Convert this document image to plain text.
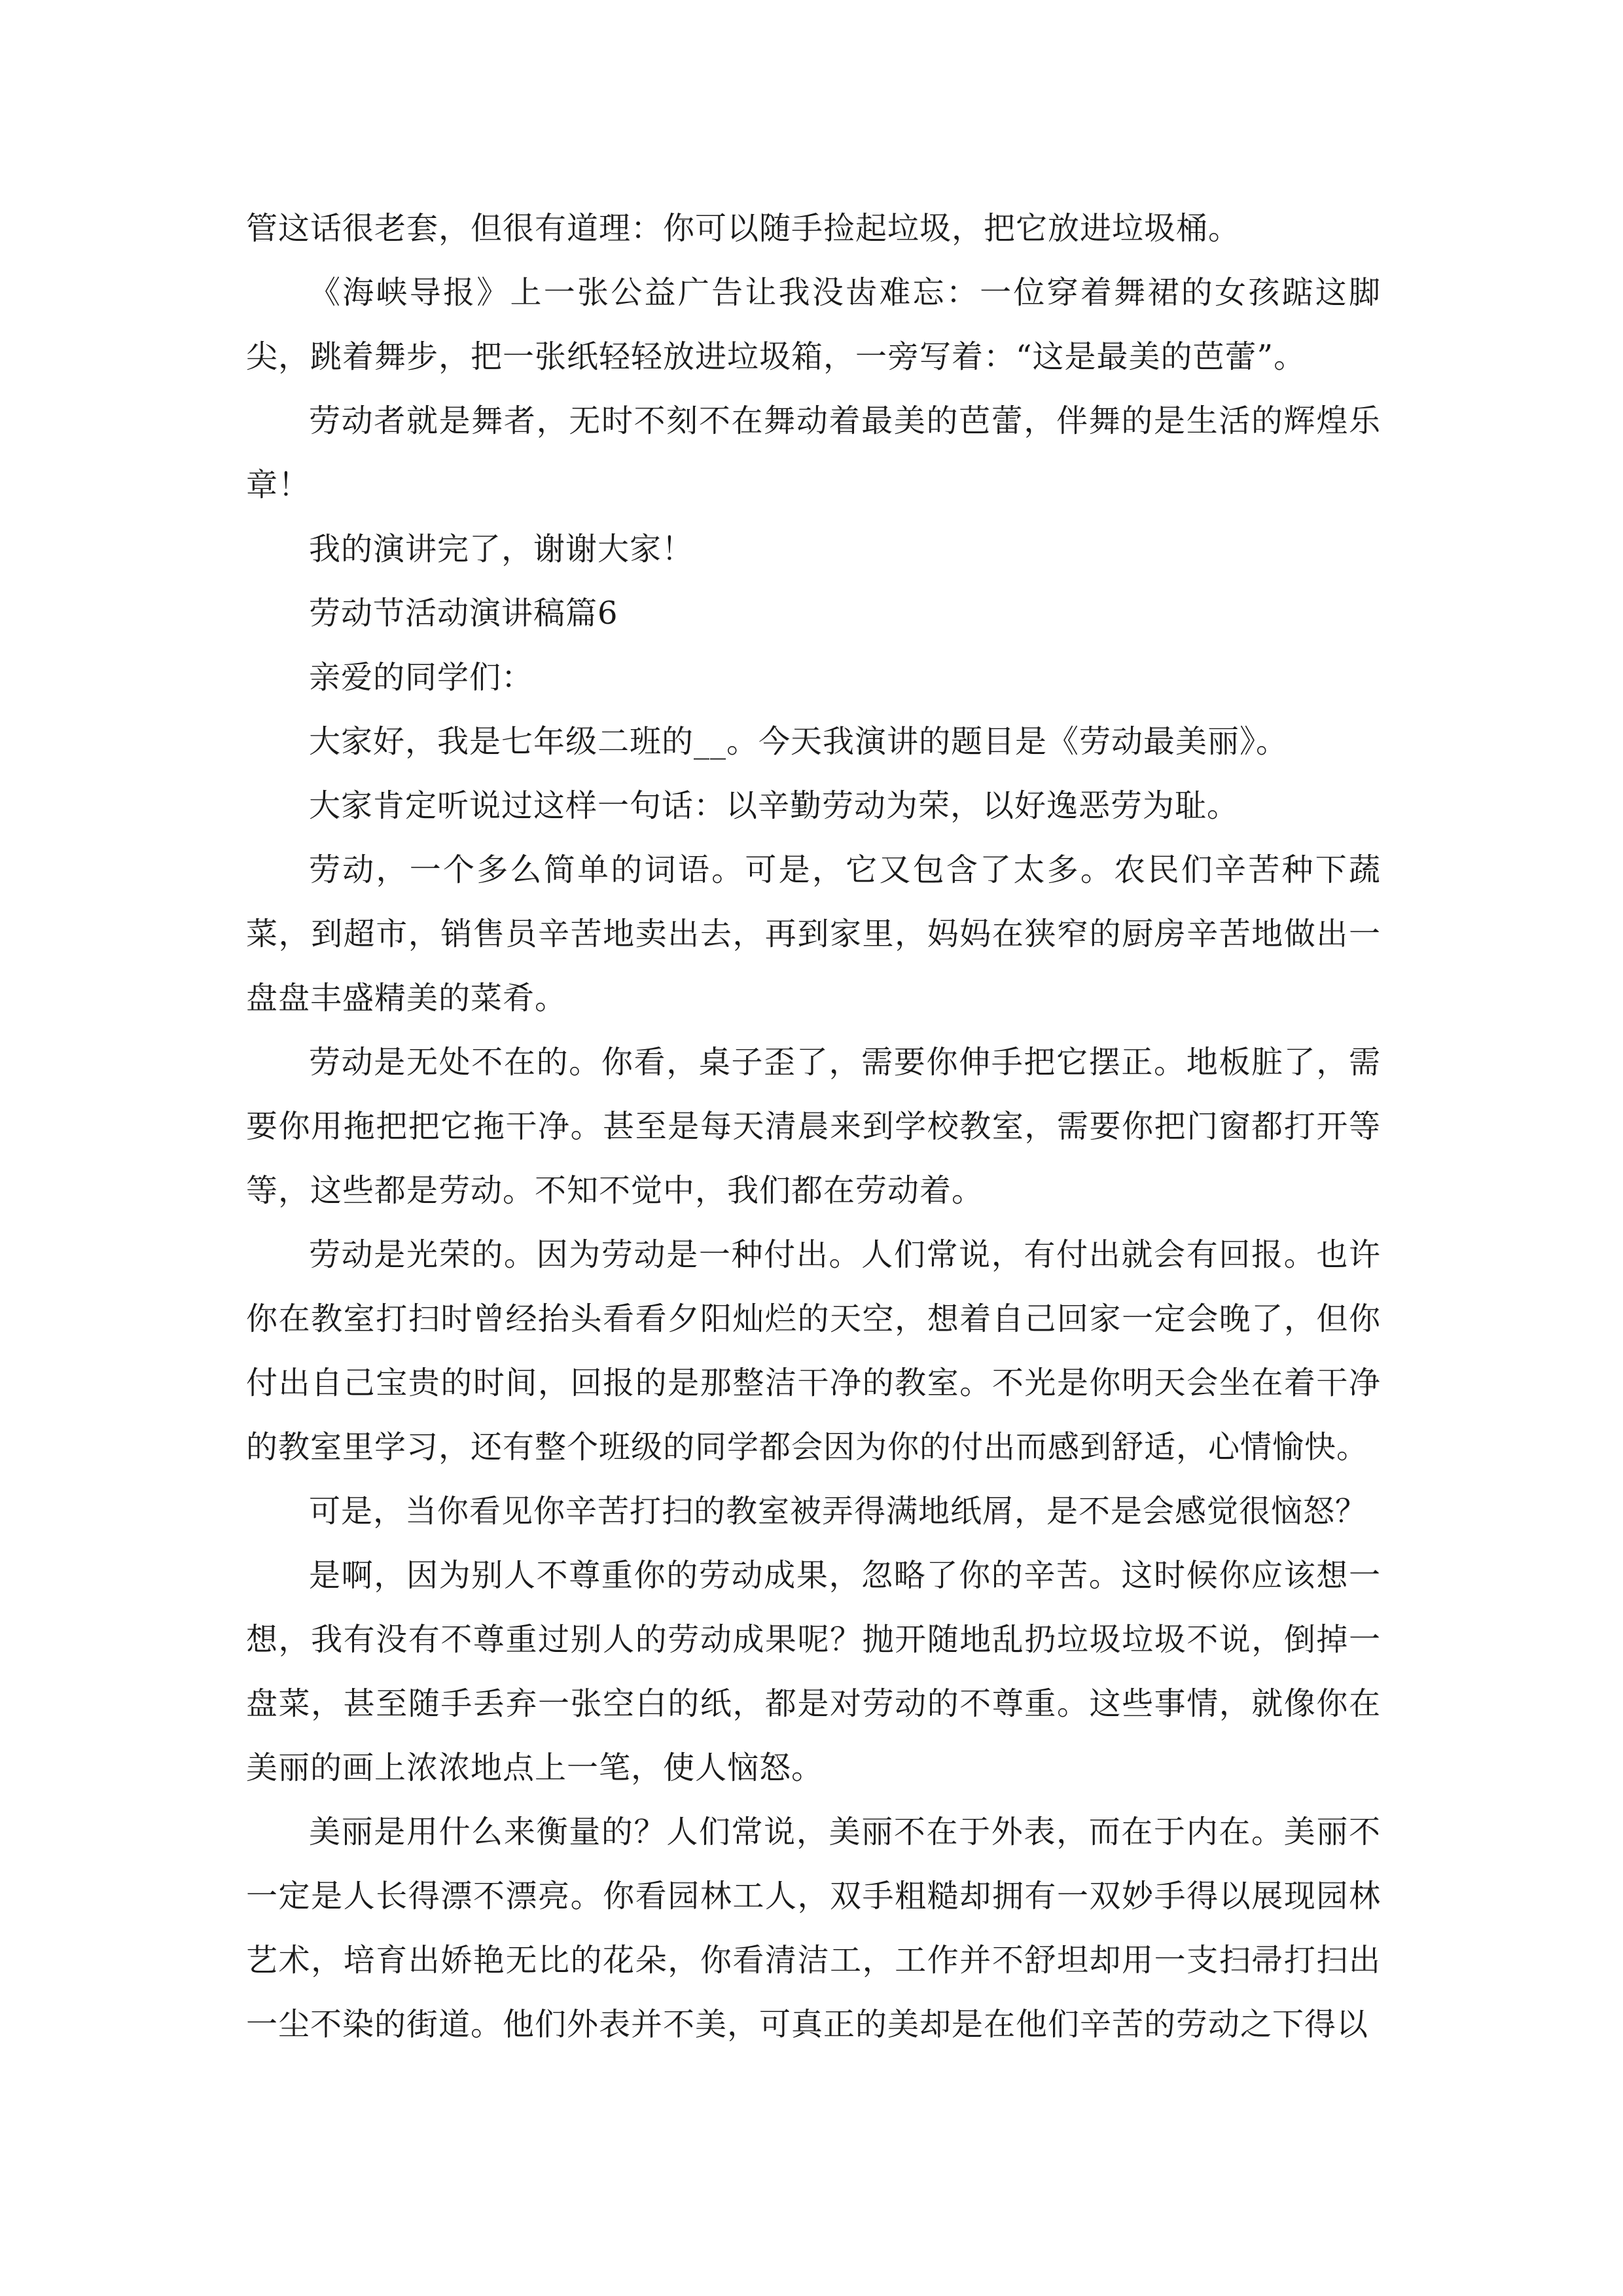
管这话很老套，但很有道理：你可以随手捡起垃圾，把它放进垃圾桶。

《海峡导报》上一张公益广告让我没齿难忘：一位穿着舞裙的女孩踮这脚尖，跳着舞步，把一张纸轻轻放进垃圾箱，一旁写着：“这是最美的芭蕾”。

劳动者就是舞者，无时不刻不在舞动着最美的芭蕾，伴舞的是生活的辉煌乐章！

我的演讲完了，谢谢大家！

劳动节活动演讲稿篇6

亲爱的同学们：

大家好，我是七年级二班的__。今天我演讲的题目是《劳动最美丽》。

大家肯定听说过这样一句话：以辛勤劳动为荣，以好逸恶劳为耻。

劳动，一个多么简单的词语。可是，它又包含了太多。农民们辛苦种下蔬菜，到超市，销售员辛苦地卖出去，再到家里，妈妈在狭窄的厨房辛苦地做出一盘盘丰盛精美的菜肴。

劳动是无处不在的。你看，桌子歪了，需要你伸手把它摆正。地板脏了，需要你用拖把把它拖干净。甚至是每天清晨来到学校教室，需要你把门窗都打开等等，这些都是劳动。不知不觉中，我们都在劳动着。

劳动是光荣的。因为劳动是一种付出。人们常说，有付出就会有回报。也许你在教室打扫时曾经抬头看看夕阳灿烂的天空，想着自己回家一定会晚了，但你付出自己宝贵的时间，回报的是那整洁干净的教室。不光是你明天会坐在着干净的教室里学习，还有整个班级的同学都会因为你的付出而感到舒适，心情愉快。

可是，当你看见你辛苦打扫的教室被弄得满地纸屑，是不是会感觉很恼怒？

是啊，因为别人不尊重你的劳动成果，忽略了你的辛苦。这时候你应该想一想，我有没有不尊重过别人的劳动成果呢？抛开随地乱扔垃圾垃圾不说，倒掉一盘菜，甚至随手丢弃一张空白的纸，都是对劳动的不尊重。这些事情，就像你在美丽的画上浓浓地点上一笔，使人恼怒。

美丽是用什么来衡量的？人们常说，美丽不在于外表，而在于内在。美丽不一定是人长得漂不漂亮。你看园林工人，双手粗糙却拥有一双妙手得以展现园林艺术，培育出娇艳无比的花朵，你看清洁工，工作并不舒坦却用一支扫帚打扫出一尘不染的街道。他们外表并不美，可真正的美却是在他们辛苦的劳动之下得以
